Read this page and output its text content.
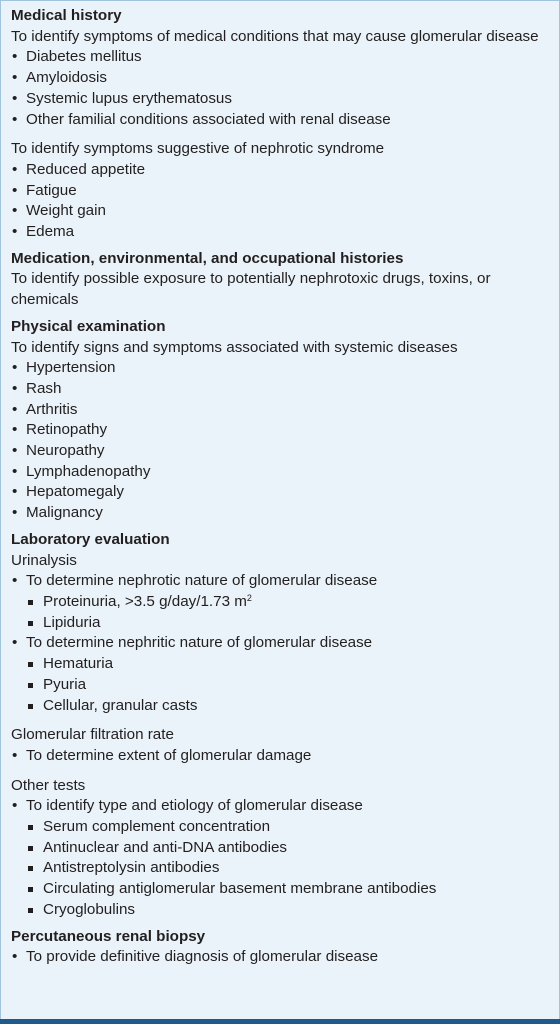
Medical history

To identify symptoms of medical conditions that may cause glomerular disease

• Diabetes mellitus
• Amyloidosis
• Systemic lupus erythematosus
• Other familial conditions associated with renal disease

To identify symptoms suggestive of nephrotic syndrome

• Reduced appetite
• Fatigue
• Weight gain
• Edema

Medication, environmental, and occupational histories

To identify possible exposure to potentially nephrotoxic drugs, toxins, or chemicals

Physical examination

To identify signs and symptoms associated with systemic diseases

• Hypertension
• Rash
• Arthritis
• Retinopathy
• Neuropathy
• Lymphadenopathy
• Hepatomegaly
• Malignancy

Laboratory evaluation

Urinalysis

• To determine nephrotic nature of glomerular disease
Proteinuria, >3.5 g/day/1.73 $m^2$
Lipiduria
• To determine nephritic nature of glomerular disease
Hematuria
Pyuria
Cellular, granular casts

Glomerular filtration rate

• To determine extent of glomerular damage

Other tests

• To identify type and etiology of glomerular disease
Serum complement concentration
Antinuclear and anti-DNA antibodies
Antistreptolysin antibodies
Circulating antiglomerular basement membrane antibodies
Cryoglobulins

Percutaneous renal biopsy

• To provide definitive diagnosis of glomerular disease
